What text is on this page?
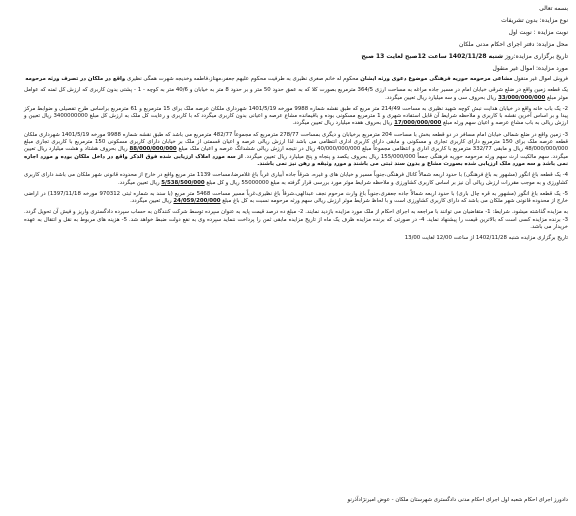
بسمه تعالی
نوع مزایده: بدون تشریفات
نوبت مزایده : نوبت اول
محل مزایده: دفتر اجرای احکام مدنی ملکان
تاریخ برگزاری مزایده:روز شنبه 1402/11/28 ساعت 12صبح لغایت 13 صبح
مورد مزایده: اموال غیر منقول
فروش اموال غیر منقول مشاعی مرحومه حوریه فرهنگی موضوع دعوی ورثه ایشان محکوم له خانم صغری نظیری به طرفیت محکوم علیهم جعفر،مهناز،فاطمه وخدیجه شهرت همگی نظیری واقع در ملکان در تصرف ورثه مرحومه
یک قطعه زمین واقع در ضلع شرقی خیابان امام در مسیر جاده مراغه به مساحت ارزی 364/5 مترمربع بصورت کلا که به عمق حدود 50 متر و بر حدود 8 متر به خیابان و 40/6 متر به کوچه - 1 - پشتی بدون کاربری که ارزش کل ثمنه که عوامل موثر مبلغ 33/000/000/000 ریال بحروف سی و سه میلیارد ریال تعیین میگردد.
2- یک باب خانه واقع در خیابان هدایت نبش کوچه شهید نظیری به مساحت 214/49 متر مربع که طبق نقشه شماره 9988 مورخه 1401/5/19 شهرداری ملکان عرصه ملک برای 15 مترمربع و 61 مترمربع براساس طرح تفصیلی و ضوابط مرکز پیدا و بر اساس آخرین نقشه با کاربری و ملاحظه شرایط آن قابل استفاده شهری و 1 مترمربع مسکونی بوده و باقیمانده مشاع عرصه و اعیانی بدون کاربری میگردد که با کاربری و رعایت کل ملک به ارزش کل مبلغ 3400000000 ریال تعیین و ارزش ریالی به باب مشاع عرصه و اعیان سهم ورثه مبلغ 17/000/000/000 ریال بحروف هفده میلیارد ریال تعیین میگردد.
3- زمین واقع در ضلع شمالی خیابان امام مسافر در دو قطعه بخش با مساحت 204 مترمربع برخیابان و دیگری بمساحت 278/77 مترمربع که مجموعاً 482/77 مترمربع می باشد که طبق نقشه شماره 9988 مورخه 1401/5/19 شهرداری ملکان قطعه عرصه ملک برای 150 مترمربع دارای کاربری تجاری و مسکونی و مابقی دارای کاربری اداری انتظامی می باشد لذا ارزش ریالی عرصه و اعیان قسمتی از ملک بر خیابان دارای کاربری مسکونی 150 مترمربع با کاربری تجاری مبلغ 48/000/000/000 ریال و مابقی 332/77 مترمربع با کاربری اداری و انتظامی مجموعاً مبلغ 40/000/000/000 ریال در نتیجه ارزش ریالی ششدانگ عرصه و اعیان ملک مبلغ 88/000/000/000 ریال بحروف هشتاد و هشت میلیارد ریال تعیین میگردد. سهم مالکیت ارث سهم ورثه مرحومه حوریه فرهنگی جمعاً 155/000/000 ریال بحروف یکصد و پنجاه و پنج میلیارد ریال تعیین میگردد. از سه مورد املاک ارزیابی شده فوق الذکر واقع در داخل ملکان بوده و مورد اجاره نمی باشد و سه مورد ملک ارزیابی شده بصورت مشاع و بدون سند ثبتی می باشند و مورد وثیقه و رهن نیز نمی باشند.
4- یک قطعه باغ انگور (مشهور به باغ فرهنگی) با حدود اربعه شمالاً کانال فرهنگی،جنوباً مسیر و خیابان های و غیره، شرقاً جاده آبیاری غرباً باغ غلامرضا،مساحت 1139 متر مربع واقع در خارج از محدوده قانونی شهر ملکان می باشد دارای کاربری کشاورزی و به موجب مقررات ارزش ریالی آن نیز بر اساس کاربری کشاورزی و ملاحظه شرایط موثر مورد بررسی قرار گرفته به مبلغ 55000000 ریال و کل مبلغ 5/538/500/000 ریال تعیین میگردد.
5- یک قطعه باغ انگور (مشهور به قره چال باری) با حدود اربعه شمالاً جاده جعفری،جنوباً باغ وارث مرحوم نجف عبدالهی،شرقاً باغ نظیری،غرباً مسیر مساحت 5468 متر مربع (با سند به شماره ثبتی 970312 مورخه 1397/11/18) در اراضی خارج از محدوده قانونی شهر ملکان می باشد که دارای کاربری کشاورزی است و با لحاظ شرایط موثر ارزش ریالی سهم ورثه مرحومه نسبت به کل باغ مبلغ 24/059/200/000 ریال تعیین میگردد.
به مزایده گذاشته میشود. شرایط: 1- متقاضیان می توانند با مراجعه به اجرای احکام از ملک مورد مزایده بازدید نمایند. 2- مبلغ ده درصد قیمت پایه به عنوان سپرده توسط شرکت کنندگان به حساب سپرده دادگستری واریز و فیش آن تحویل گردد. 3- برنده مزایده کسی است که بالاترین قیمت را پیشنهاد نماید. 4- در صورتی که برنده مزایده ظرف یک ماه از تاریخ مزایده مابقی ثمن را پرداخت ننماید سپرده وی به نفع دولت ضبط خواهد شد. 5- هزینه های مربوط به نقل و انتقال به عهده خریدار می باشد.
تاریخ برگزاری مزایده شنبه 1402/11/28 از ساعت 12/00 لغایت 13/00
دادورز اجرای احکام شعبه اول اجرای احکام مدنی دادگستری شهرستان ملکان - عوض امیرنژادآذرنو
